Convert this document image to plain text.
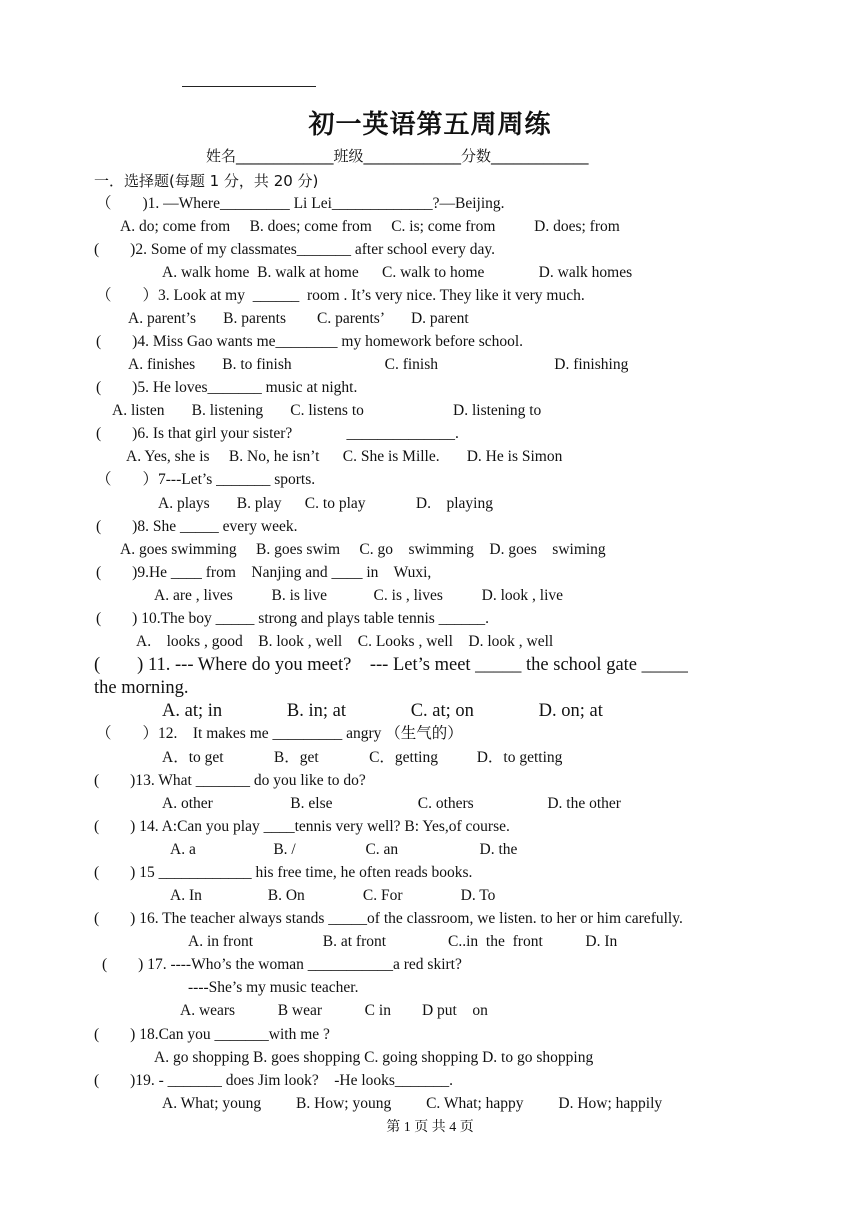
初一英语第五周周练
姓名_____________班级_____________分数_____________
一．选择题(每题 1 分，共 20 分)
（　　)1. —Where_________ Li Lei_____________?—Beijing.
A. do; come from     B. does; come from     C. is; come from          D. does; from
(　　)2. Some of my classmates_______ after school every day.
A. walk home  B. walk at home      C. walk to home              D. walk homes
（　　）3. Look at my  ______  room . It’s very nice. They like it very much.
A. parent’s       B. parents        C. parents’       D. parent
(　　)4. Miss Gao wants me________ my homework before school.
A. finishes       B. to finish                        C. finish                              D. finishing
(　　)5. He loves_______ music at night.
A. listen       B. listening       C. listens to                       D. listening to
(　　)6. Is that girl your sister?              ______________.
A. Yes, she is     B. No, he isn’t      C. She is Mille.       D. He is Simon
（　　）7---Let’s _______ sports.
A. plays       B. play      C. to play             D.    playing
(　　)8. She _____ every week.
A. goes swimming     B. goes swim     C. go    swimming    D. goes    swiming
(　　)9.He ____ from    Nanjing and ____ in    Wuxi,
A. are , lives          B. is live            C. is , lives          D. look , live
(　　) 10.The boy _____ strong and plays table tennis ______.
A.    looks , good    B. look , well    C. Looks , well    D. look , well
(　　) 11. --- Where do you meet?    --- Let’s meet _____ the school gate _____
the morning.
A. at; in              B. in; at              C. at; on              D. on; at
（　　）12.    It makes me _________ angry （生气的）
A．to get             B．get             C．getting          D．to getting
(　　)13. What _______ do you like to do?
A. other                    B. else                      C. others                   D. the other
(　　) 14. A:Can you play ____tennis very well? B: Yes,of course.
A. a                    B. /                  C. an                     D. the
(　　) 15 ____________ his free time, he often reads books.
A. In                 B. On               C. For               D. To
(　　) 16. The teacher always stands _____of the classroom, we listen. to her or him carefully.
A. in front                  B. at front                C..in  the  front           D. In
(　　) 17. ----Who’s the woman ___________a red skirt?
----She’s my music teacher.
A. wears           B wear           C in        D put    on
(　　) 18.Can you _______with me ?
A. go shopping B. goes shopping C. going shopping D. to go shopping
(　　)19. - _______ does Jim look?    -He looks_______.
A. What; young         B. How; young         C. What; happy         D. How; happily
第 1 页 共 4 页
